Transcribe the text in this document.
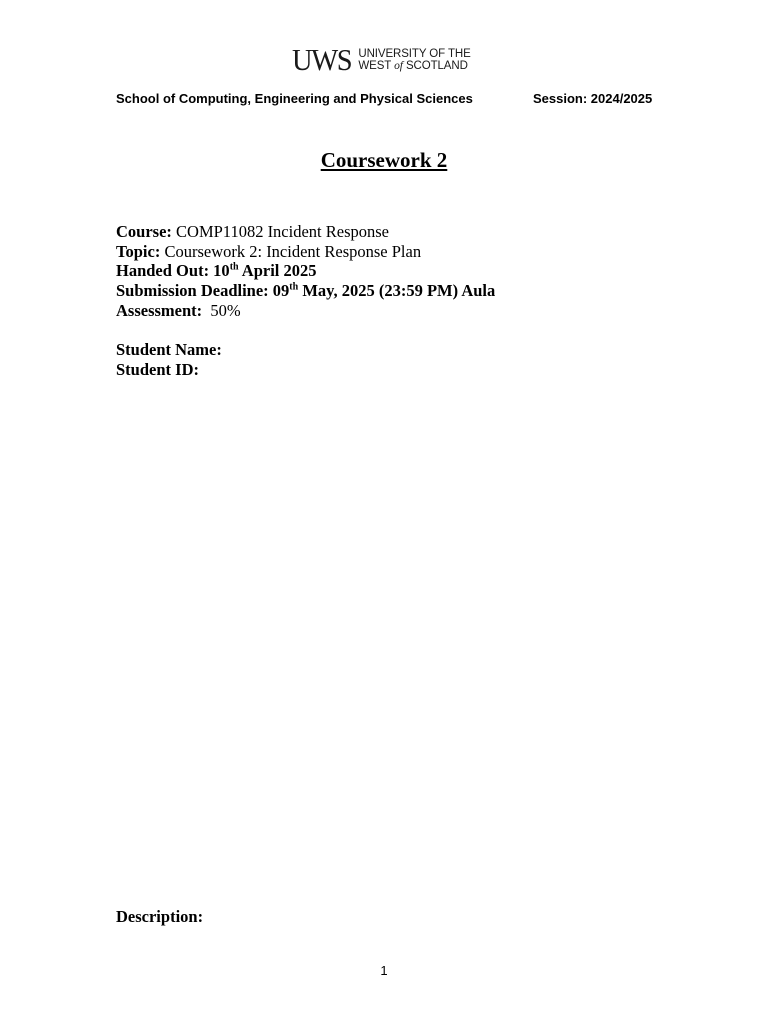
UWS UNIVERSITY OF THE
WEST of SCOTLAND
School of Computing, Engineering and Physical Sciences	Session: 2024/2025
Coursework 2
Course: COMP11082 Incident Response
Topic: Coursework 2: Incident Response Plan
Handed Out: 10th April 2025
Submission Deadline: 09th May, 2025 (23:59 PM) Aula
Assessment:  50%
Student Name:
Student ID:
Description:
1
